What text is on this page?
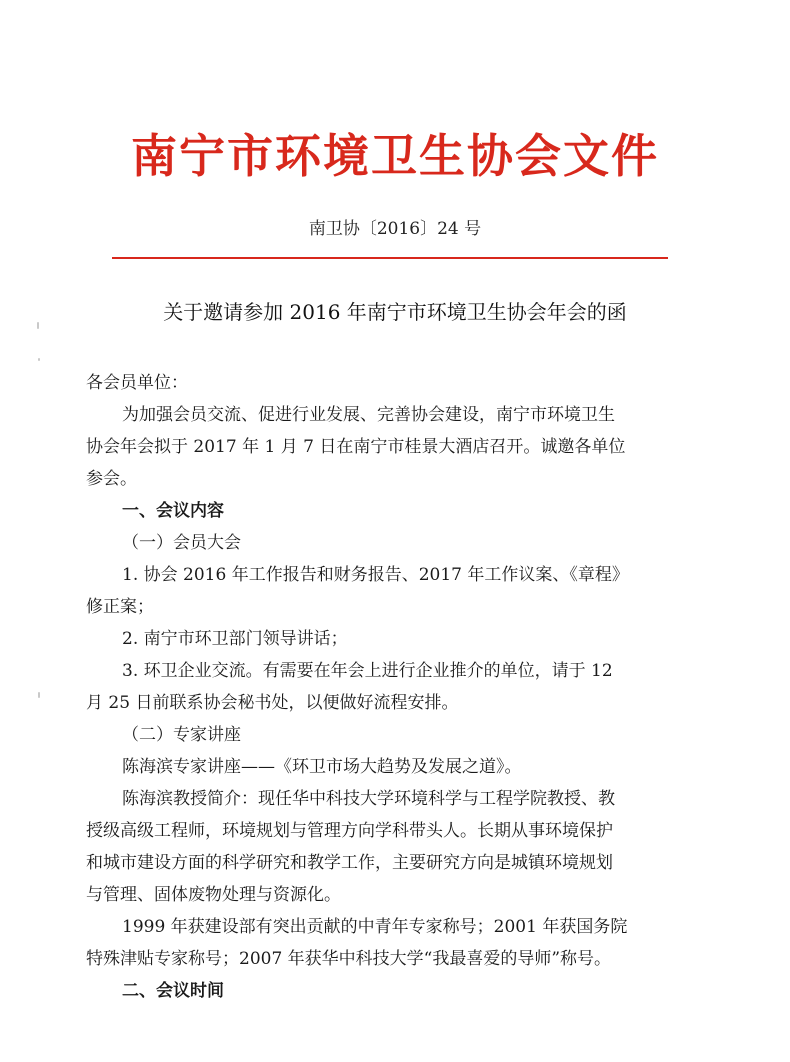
南宁市环境卫生协会文件
南卫协〔2016〕24 号
关于邀请参加 2016 年南宁市环境卫生协会年会的函
各会员单位：
为加强会员交流、促进行业发展、完善协会建设，南宁市环境卫生
协会年会拟于 2017 年 1 月 7 日在南宁市桂景大酒店召开。诚邀各单位
参会。
一、会议内容
（一）会员大会
1. 协会 2016 年工作报告和财务报告、2017 年工作议案、《章程》
修正案；
2. 南宁市环卫部门领导讲话；
3. 环卫企业交流。有需要在年会上进行企业推介的单位，请于 12
月 25 日前联系协会秘书处，以便做好流程安排。
（二）专家讲座
陈海滨专家讲座——《环卫市场大趋势及发展之道》。
陈海滨教授简介：现任华中科技大学环境科学与工程学院教授、教
授级高级工程师，环境规划与管理方向学科带头人。长期从事环境保护
和城市建设方面的科学研究和教学工作，主要研究方向是城镇环境规划
与管理、固体废物处理与资源化。
1999 年获建设部有突出贡献的中青年专家称号；2001 年获国务院
特殊津贴专家称号；2007 年获华中科技大学“我最喜爱的导师”称号。
二、会议时间
